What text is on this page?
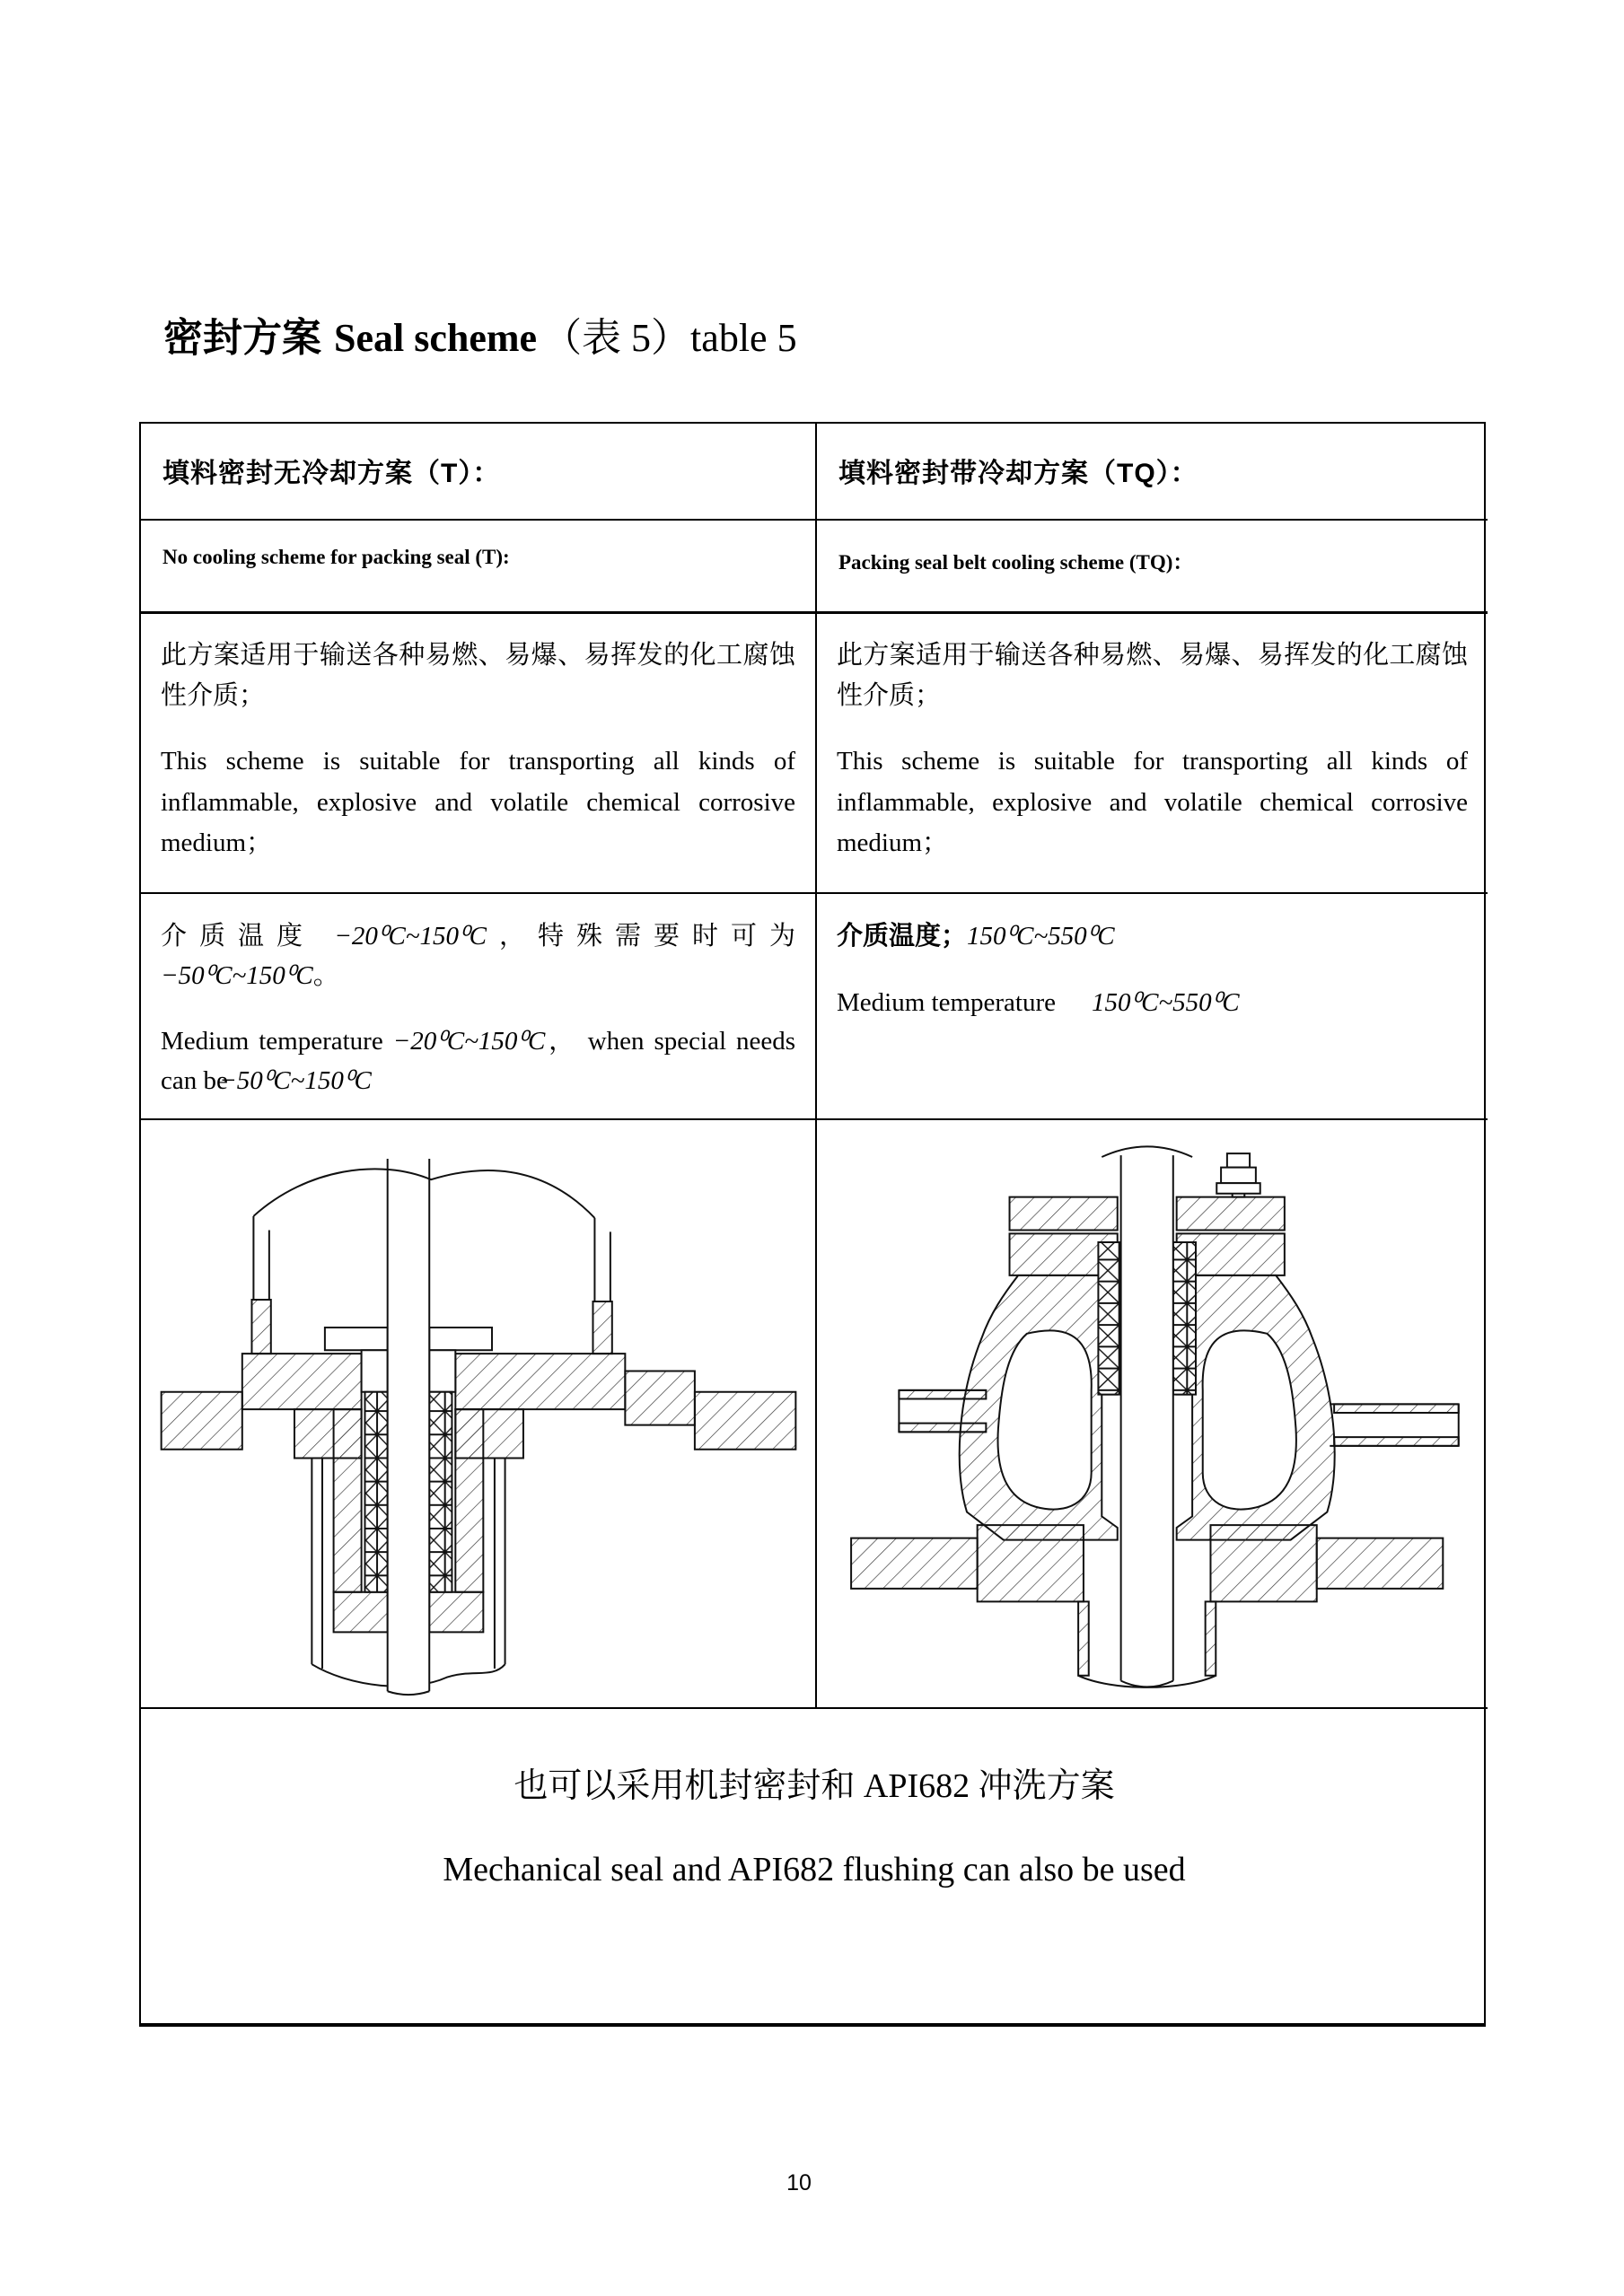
密封方案 Seal scheme （表 5）table 5
填料密封无冷却方案（T）：	填料密封带冷却方案（TQ）：
No cooling scheme for packing seal (T):	Packing seal belt cooling scheme (TQ)：

此方案适用于输送各种易燃、易爆、易挥发的化工腐蚀性介质；

This scheme is suitable for transporting all kinds of inflammable, explosive and volatile chemical corrosive medium；

此方案适用于输送各种易燃、易爆、易挥发的化工腐蚀性介质；

This scheme is suitable for transporting all kinds of inflammable, explosive and volatile chemical corrosive medium；

介质温度 −20⁰C~150⁰C，特殊需要时可为 −50⁰C~150⁰C。

Medium temperature −20⁰C~150⁰C， when special needs can be −50⁰C~150⁰C

介质温度；150⁰C~550⁰C

Medium temperature 150⁰C~550⁰C

也可以采用机封密封和 API682 冲洗方案

Mechanical seal and API682 flushing can also be used

10
